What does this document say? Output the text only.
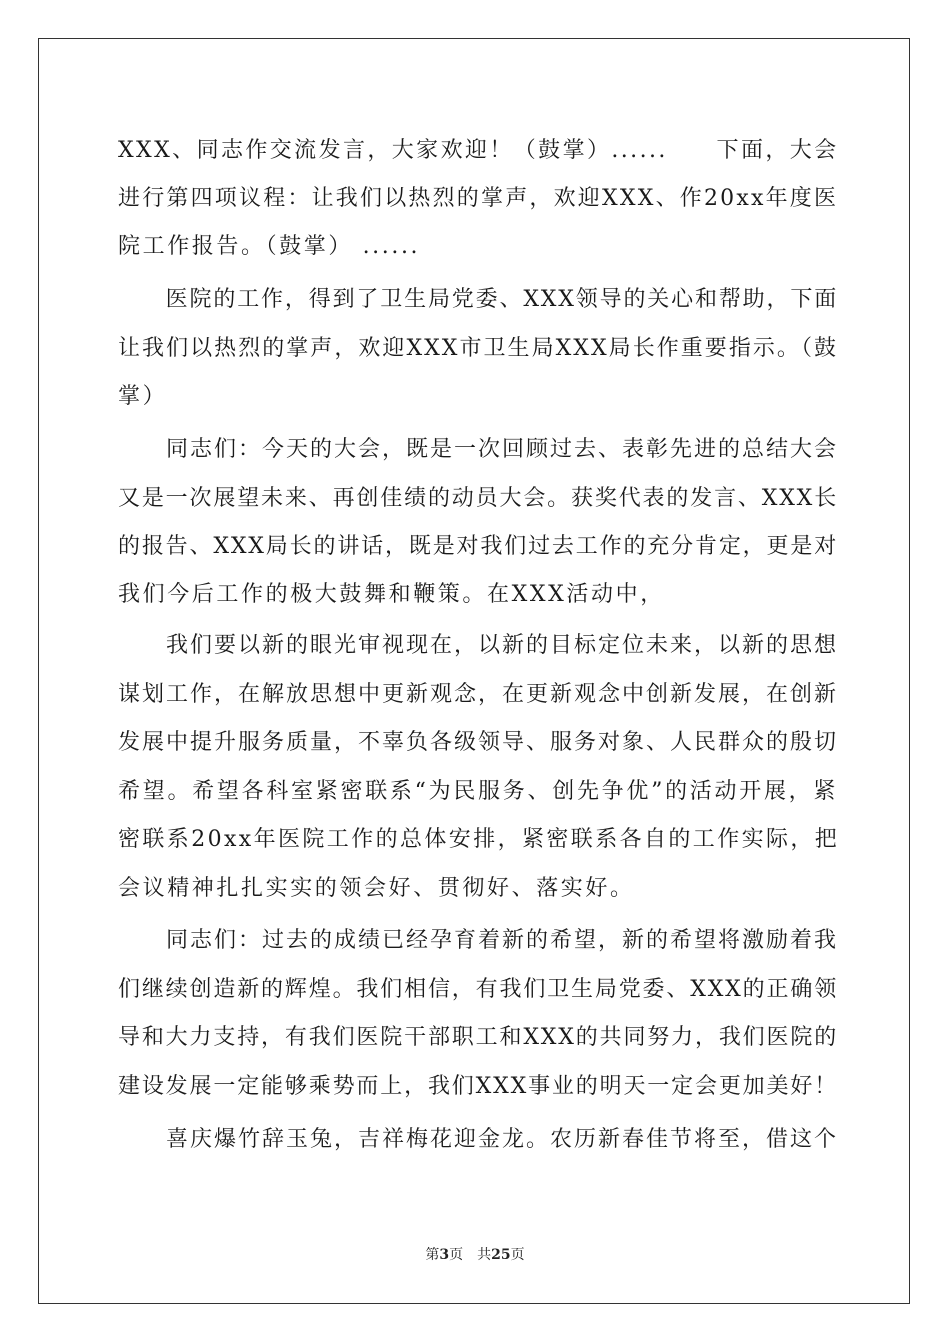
XXX、同志作交流发言，大家欢迎！（鼓掌）......　　下面，大会
进行第四项议程：让我们以热烈的掌声，欢迎XXX、作20xx年度医
院工作报告。（鼓掌） ......
　　医院的工作，得到了卫生局党委、XXX领导的关心和帮助，下面
让我们以热烈的掌声，欢迎XXX市卫生局XXX局长作重要指示。（鼓
掌）
　　同志们：今天的大会，既是一次回顾过去、表彰先进的总结大会
又是一次展望未来、再创佳绩的动员大会。获奖代表的发言、XXX长
的报告、XXX局长的讲话，既是对我们过去工作的充分肯定，更是对
我们今后工作的极大鼓舞和鞭策。在XXX活动中，
　　我们要以新的眼光审视现在，以新的目标定位未来，以新的思想
谋划工作，在解放思想中更新观念，在更新观念中创新发展，在创新
发展中提升服务质量，不辜负各级领导、服务对象、人民群众的殷切
希望。希望各科室紧密联系“为民服务、创先争优”的活动开展，紧
密联系20xx年医院工作的总体安排，紧密联系各自的工作实际，把
会议精神扎扎实实的领会好、贯彻好、落实好。
　　同志们：过去的成绩已经孕育着新的希望，新的希望将激励着我
们继续创造新的辉煌。我们相信，有我们卫生局党委、XXX的正确领
导和大力支持，有我们医院干部职工和XXX的共同努力，我们医院的
建设发展一定能够乘势而上，我们XXX事业的明天一定会更加美好！
　　喜庆爆竹辞玉兔，吉祥梅花迎金龙。农历新春佳节将至，借这个
第3页　共25页
